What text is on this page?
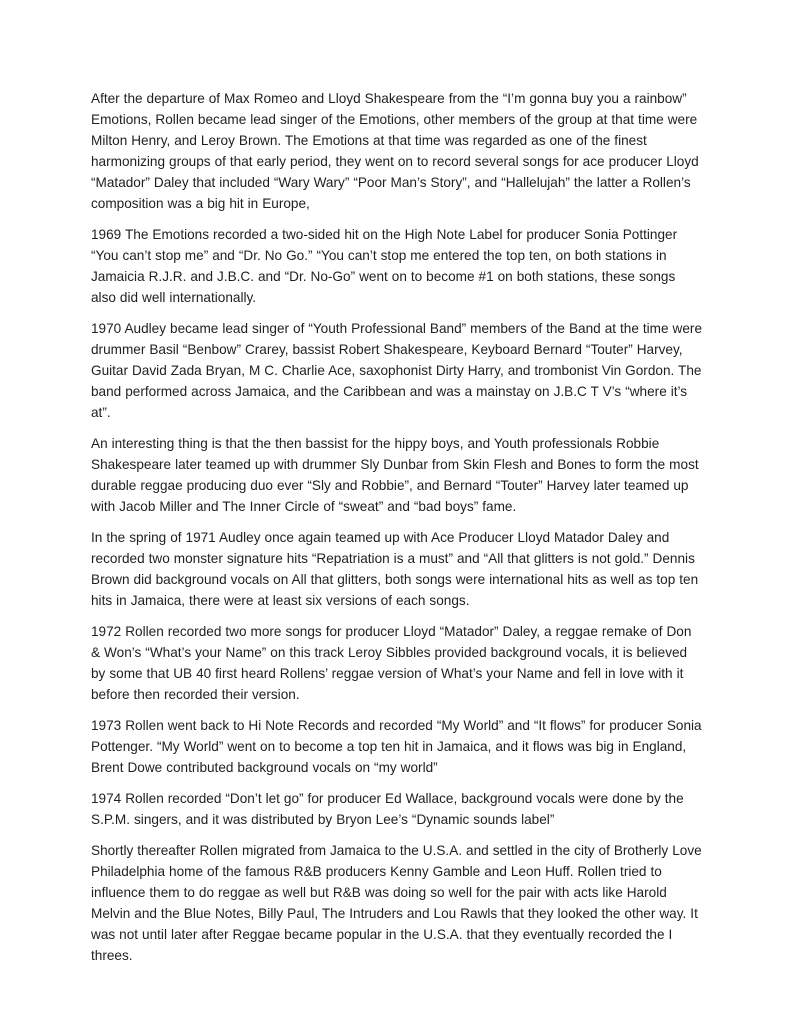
After the departure of Max Romeo and Lloyd Shakespeare from the “I’m gonna buy you a rainbow” Emotions, Rollen became lead singer of the Emotions, other members of the group at that time were Milton Henry, and Leroy Brown. The Emotions at that time was regarded as one of the finest harmonizing groups of that early period, they went on to record several songs for ace producer Lloyd “Matador” Daley that included “Wary Wary” “Poor Man’s Story”, and “Hallelujah” the latter a Rollen’s composition was a big hit in Europe,

1969 The Emotions recorded a two-sided hit on the High Note Label for producer Sonia Pottinger “You can’t stop me” and “Dr. No Go.” “You can’t stop me entered the top ten, on both stations in Jamaicia R.J.R. and J.B.C. and “Dr. No-Go” went on to become #1 on both stations, these songs also did well internationally.

1970 Audley became lead singer of “Youth Professional Band” members of the Band at the time were drummer Basil “Benbow” Crarey, bassist Robert Shakespeare, Keyboard Bernard “Touter” Harvey, Guitar David Zada Bryan, M C. Charlie Ace, saxophonist Dirty Harry, and trombonist Vin Gordon. The band performed across Jamaica, and the Caribbean and was a mainstay on J.B.C T V’s “where it’s at”.

An interesting thing is that the then bassist for the hippy boys, and Youth professionals Robbie Shakespeare later teamed up with drummer Sly Dunbar from Skin Flesh and Bones to form the most durable reggae producing duo ever “Sly and Robbie”, and Bernard “Touter” Harvey later teamed up with Jacob Miller and The Inner Circle of “sweat” and “bad boys” fame.

In the spring of 1971 Audley once again teamed up with Ace Producer Lloyd Matador Daley and recorded two monster signature hits “Repatriation is a must” and “All that glitters is not gold.” Dennis Brown did background vocals on All that glitters, both songs were international hits as well as top ten hits in Jamaica, there were at least six versions of each songs.

1972 Rollen recorded two more songs for producer Lloyd “Matador” Daley, a reggae remake of Don & Won’s “What’s your Name” on this track Leroy Sibbles provided background vocals, it is believed by some that UB 40 first heard Rollens’ reggae version of What’s your Name and fell in love with it before then recorded their version.

1973 Rollen went back to Hi Note Records and recorded “My World” and “It flows” for producer Sonia Pottenger. “My World” went on to become a top ten hit in Jamaica, and it flows was big in England, Brent Dowe contributed background vocals on “my world”

1974 Rollen recorded “Don’t let go” for producer Ed Wallace, background vocals were done by the S.P.M. singers, and it was distributed by Bryon Lee’s “Dynamic sounds label”

Shortly thereafter Rollen migrated from Jamaica to the U.S.A. and settled in the city of Brotherly Love Philadelphia home of the famous R&B producers Kenny Gamble and Leon Huff. Rollen tried to influence them to do reggae as well but R&B was doing so well for the pair with acts like Harold Melvin and the Blue Notes, Billy Paul, The Intruders and Lou Rawls that they looked the other way. It was not until later after Reggae became popular in the U.S.A. that they eventually recorded the I threes.
